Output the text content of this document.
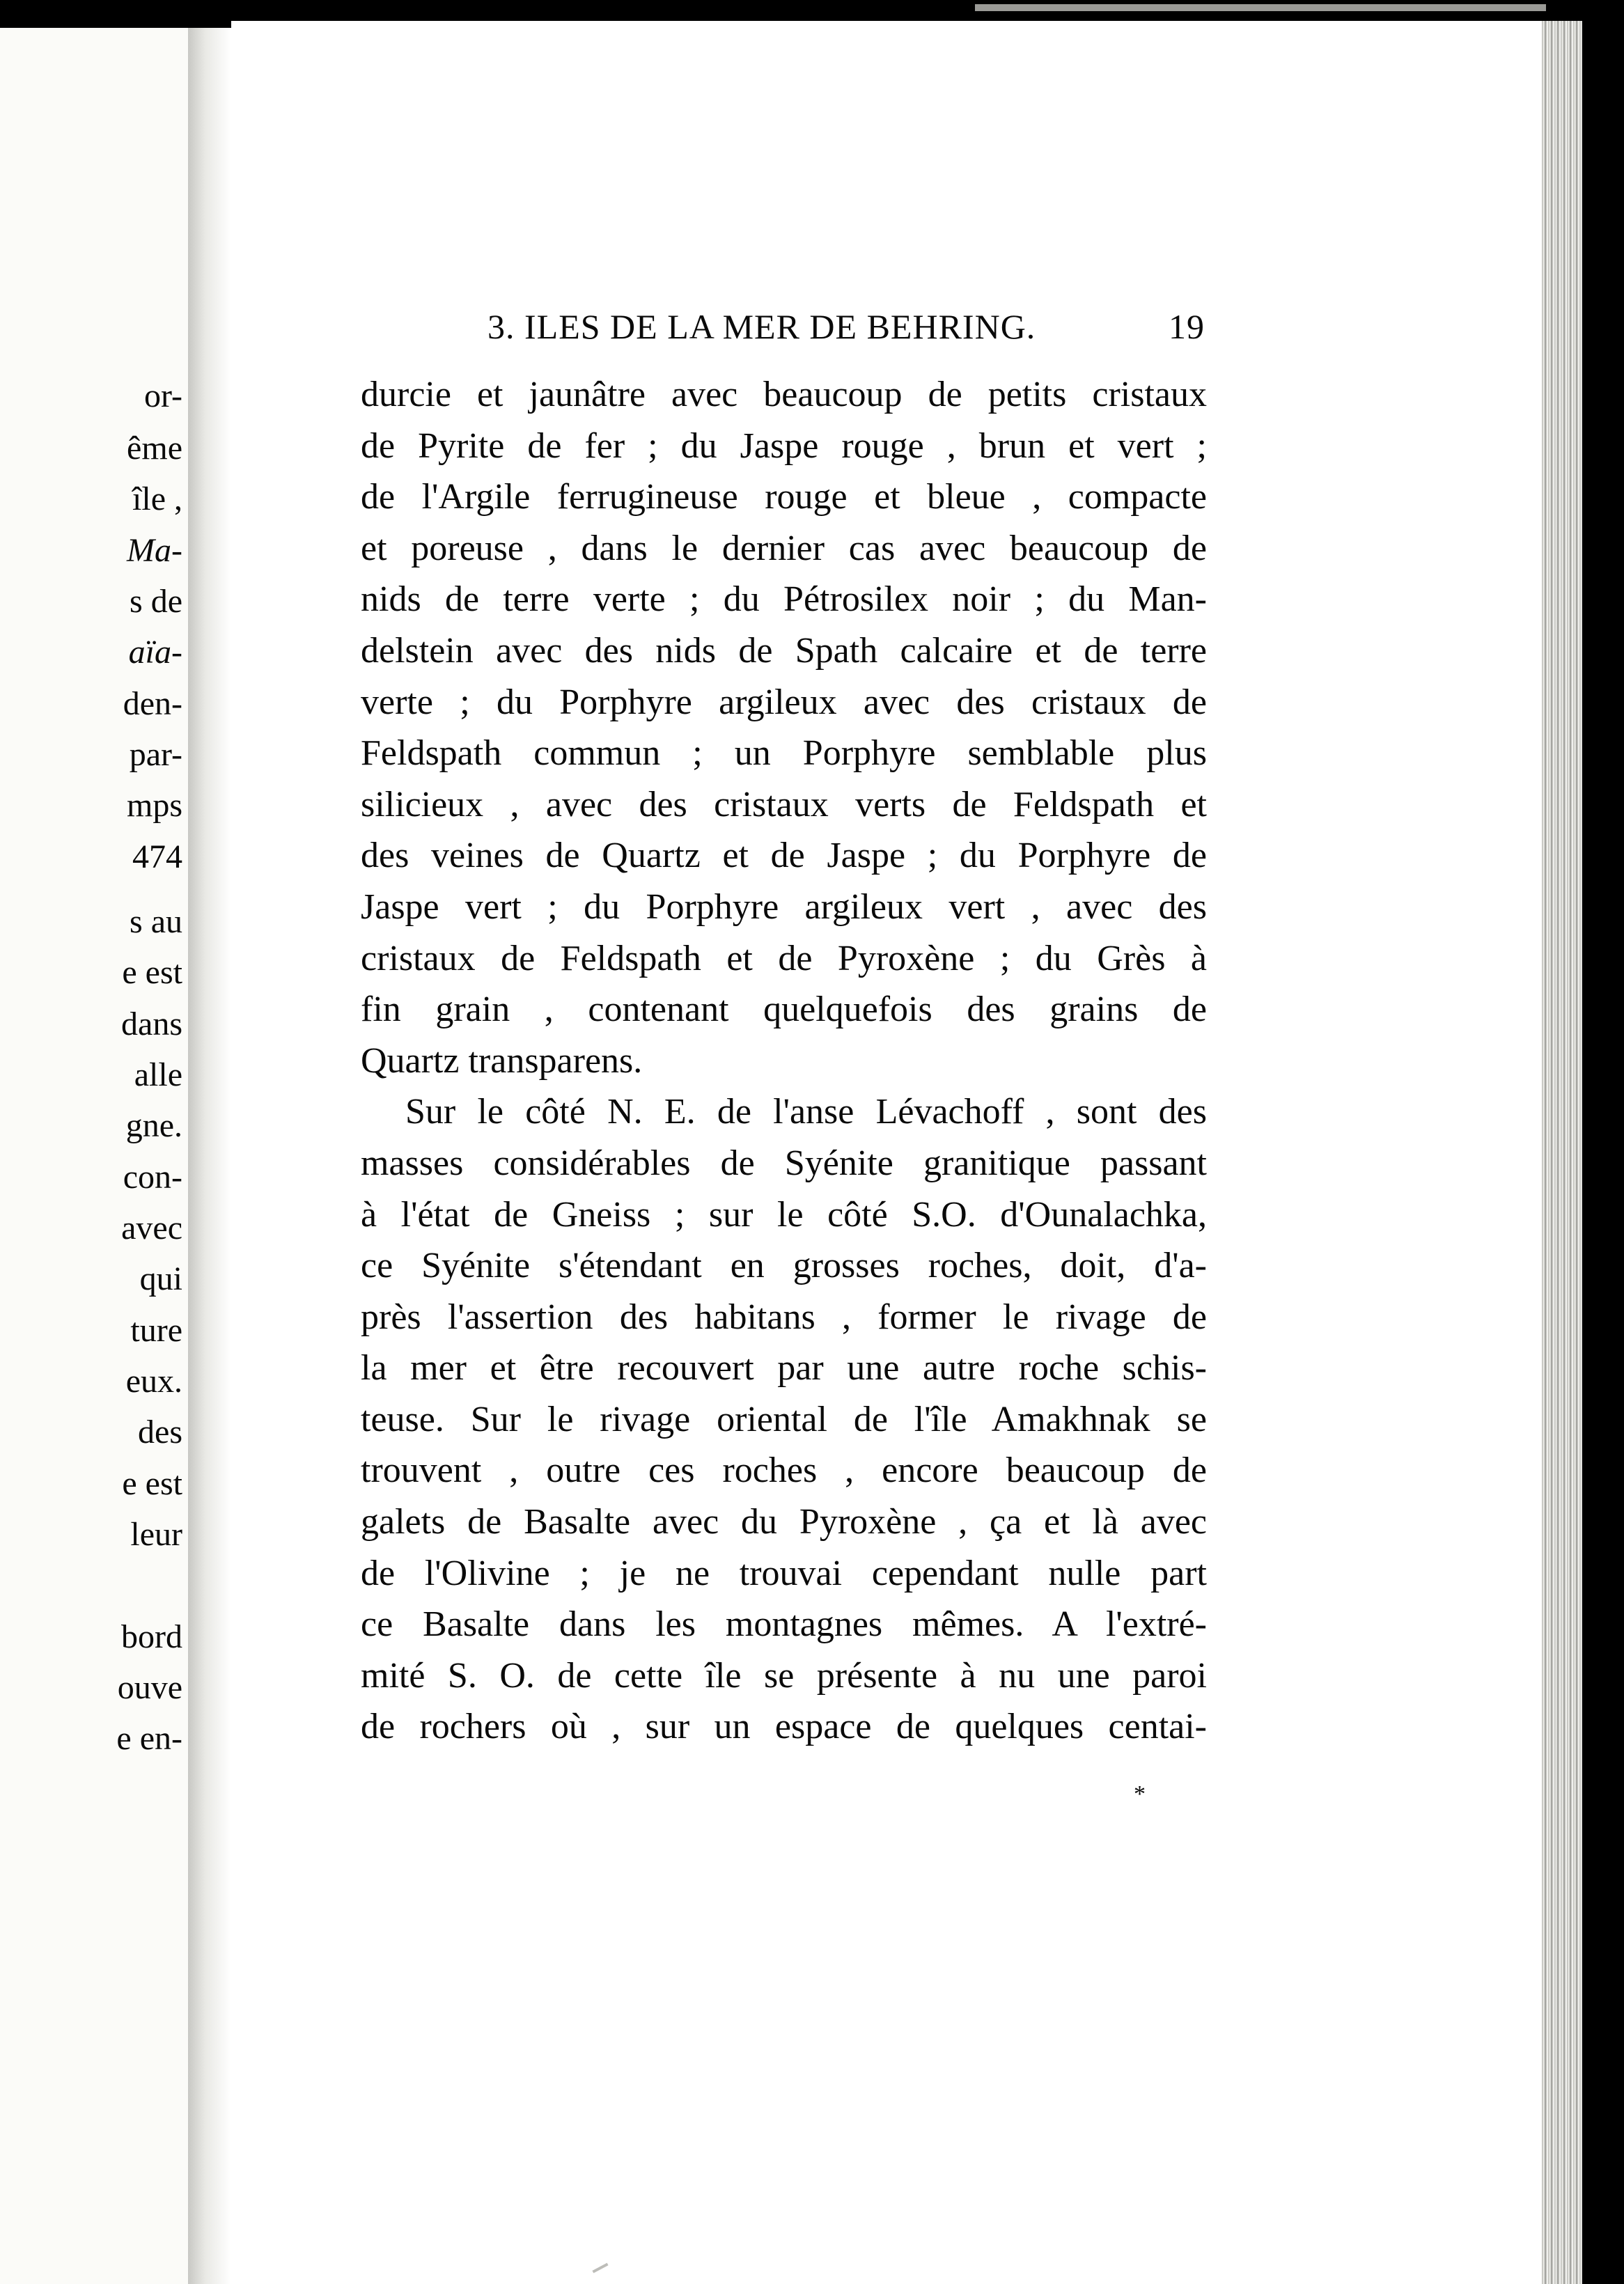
or-
ême
île ,
Ma-
s de
aïa-
den-
par-
mps
474
s au
e est
dans
alle
gne.
con-
avec
qui
ture
eux.
des
e est
leur
bord
ouve
e en-
3. ILES DE LA MER DE BEHRING.	19
durcie et jaunâtre avec beaucoup de petits cristaux
de Pyrite de fer ; du Jaspe rouge , brun et vert ;
de l'Argile ferrugineuse rouge et bleue , compacte
et poreuse , dans le dernier cas avec beaucoup de
nids de terre verte ; du Pétrosilex noir ; du Man-
delstein avec des nids de Spath calcaire et de terre
verte ; du Porphyre argileux avec des cristaux de
Feldspath commun ; un Porphyre semblable plus
silicieux , avec des cristaux verts de Feldspath et
des veines de Quartz et de Jaspe ; du Porphyre de
Jaspe vert ; du Porphyre argileux vert , avec des
cristaux de Feldspath et de Pyroxène ; du Grès à
fin grain , contenant quelquefois des grains de
Quartz transparens.
Sur le côté N. E. de l'anse Lévachoff , sont des
masses considérables de Syénite granitique passant
à l'état de Gneiss ; sur le côté S.O. d'Ounalachka,
ce Syénite s'étendant en grosses roches, doit, d'a-
près l'assertion des habitans , former le rivage de
la mer et être recouvert par une autre roche schis-
teuse. Sur le rivage oriental de l'île Amakhnak se
trouvent , outre ces roches , encore beaucoup de
galets de Basalte avec du Pyroxène , ça et là avec
de l'Olivine ; je ne trouvai cependant nulle part
ce Basalte dans les montagnes mêmes. A l'extré-
mité S. O. de cette île se présente à nu une paroi
de rochers où , sur un espace de quelques centai-
*
